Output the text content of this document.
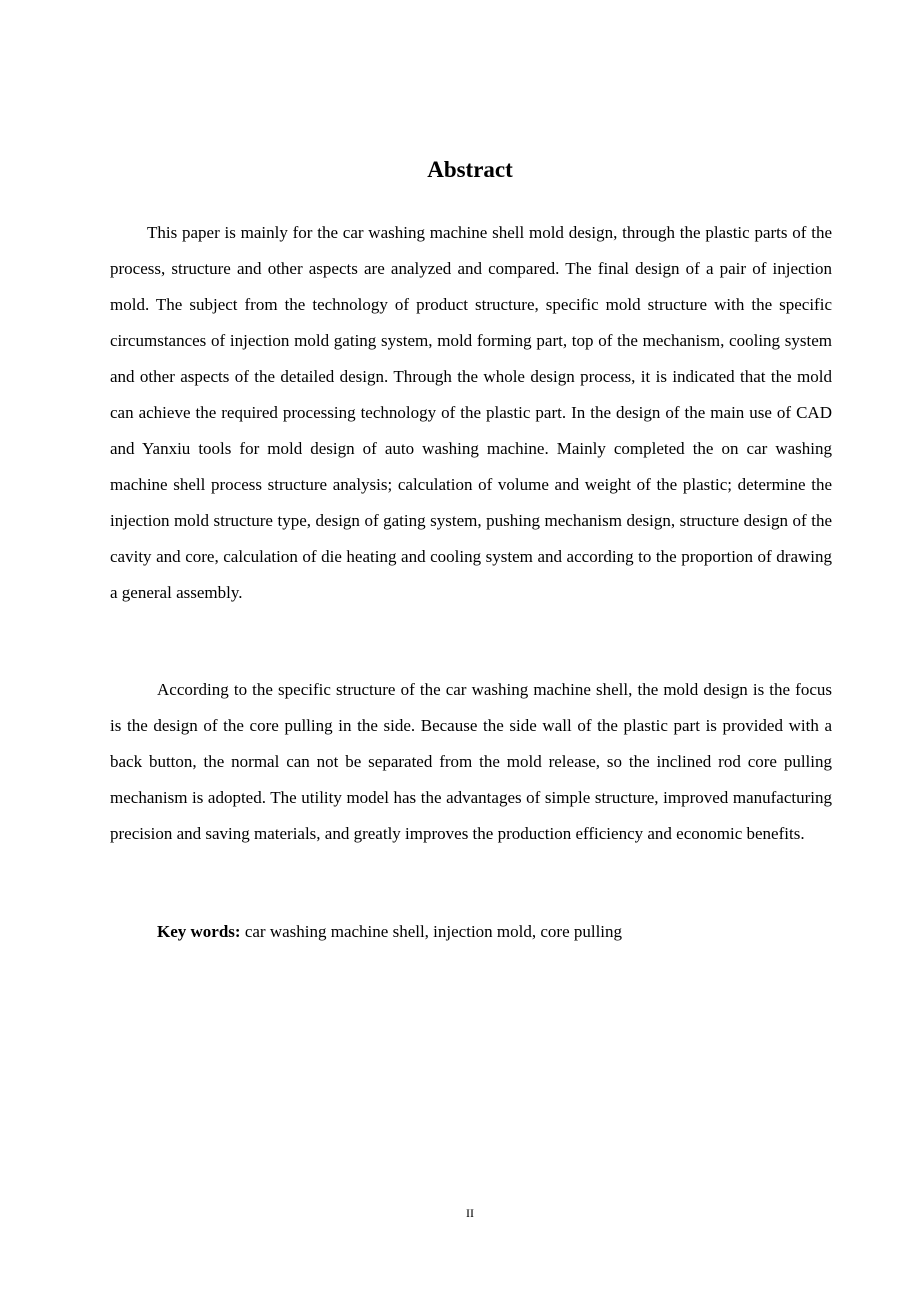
Abstract

This paper is mainly for the car washing machine shell mold design, through the plastic parts of the process, structure and other aspects are analyzed and compared. The final design of a pair of injection mold. The subject from the technology of product structure, specific mold structure with the specific circumstances of injection mold gating system, mold forming part, top of the mechanism, cooling system and other aspects of the detailed design. Through the whole design process, it is indicated that the mold can achieve the required processing technology of the plastic part. In the design of the main use of CAD and Yanxiu tools for mold design of auto washing machine. Mainly completed the on car washing machine shell process structure analysis; calculation of volume and weight of the plastic; determine the injection mold structure type, design of gating system, pushing mechanism design, structure design of the cavity and core, calculation of die heating and cooling system and according to the proportion of drawing a general assembly.

According to the specific structure of the car washing machine shell, the mold design is the focus is the design of the core pulling in the side. Because the side wall of the plastic part is provided with a back button, the normal can not be separated from the mold release, so the inclined rod core pulling mechanism is adopted. The utility model has the advantages of simple structure, improved manufacturing precision and saving materials, and greatly improves the production efficiency and economic benefits.

Key words: car washing machine shell, injection mold, core pulling

II
